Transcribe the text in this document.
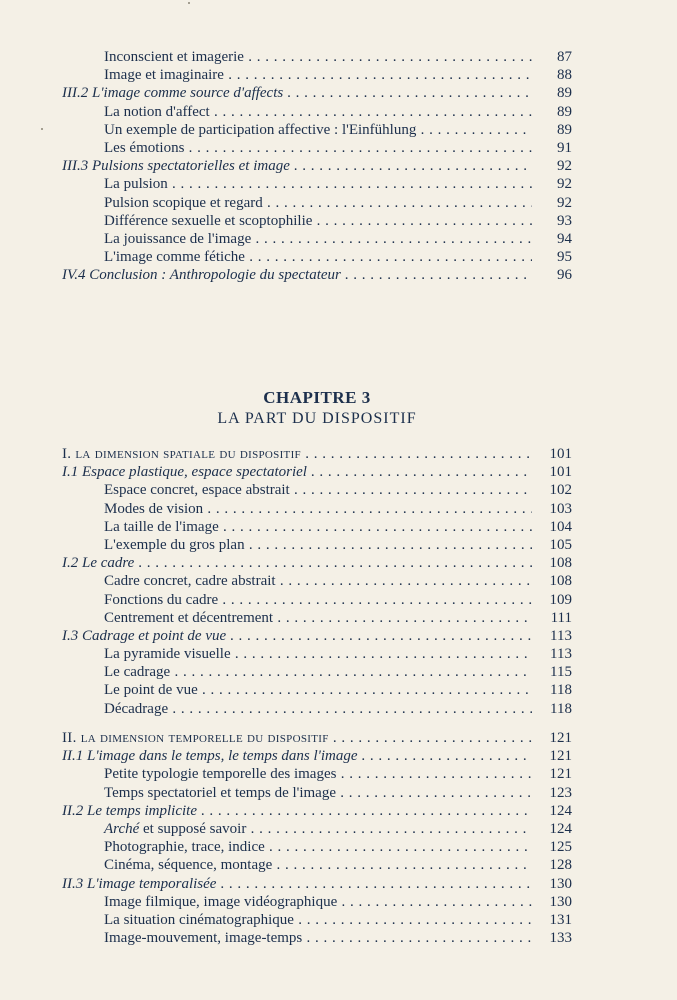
Inconscient et imagerie . . .	87
Image et imaginaire . . .	88
III.2 L'image comme source d'affects . . .	89
La notion d'affect . . .	89
Un exemple de participation affective : l'Einfühlung . . .	89
Les émotions . . .	91
III.3 Pulsions spectatorielles et image . . .	92
La pulsion . . .	92
Pulsion scopique et regard . . .	92
Différence sexuelle et scoptophilie . . .	93
La jouissance de l'image . . .	94
L'image comme fétiche . . .	95
IV.4 Conclusion : Anthropologie du spectateur . . .	96
CHAPITRE 3
LA PART DU DISPOSITIF
I. la dimension spatiale du dispositif . . .	101
I.1 Espace plastique, espace spectatoriel . . .	101
Espace concret, espace abstrait . . .	102
Modes de vision . . .	103
La taille de l'image . . .	104
L'exemple du gros plan . . .	105
I.2 Le cadre . . .	108
Cadre concret, cadre abstrait . . .	108
Fonctions du cadre . . .	109
Centrement et décentrement . . .	111
I.3 Cadrage et point de vue . . .	113
La pyramide visuelle . . .	113
Le cadrage . . .	115
Le point de vue . . .	118
Décadrage . . .	118
II. la dimension temporelle du dispositif . . .	121
II.1 L'image dans le temps, le temps dans l'image . . .	121
Petite typologie temporelle des images . . .	121
Temps spectatoriel et temps de l'image . . .	123
II.2 Le temps implicite . . .	124
Arché et supposé savoir . . .	124
Photographie, trace, indice . . .	125
Cinéma, séquence, montage . . .	128
II.3 L'image temporalisée . . .	130
Image filmique, image vidéographique . . .	130
La situation cinématographique . . .	131
Image-mouvement, image-temps . . .	133
